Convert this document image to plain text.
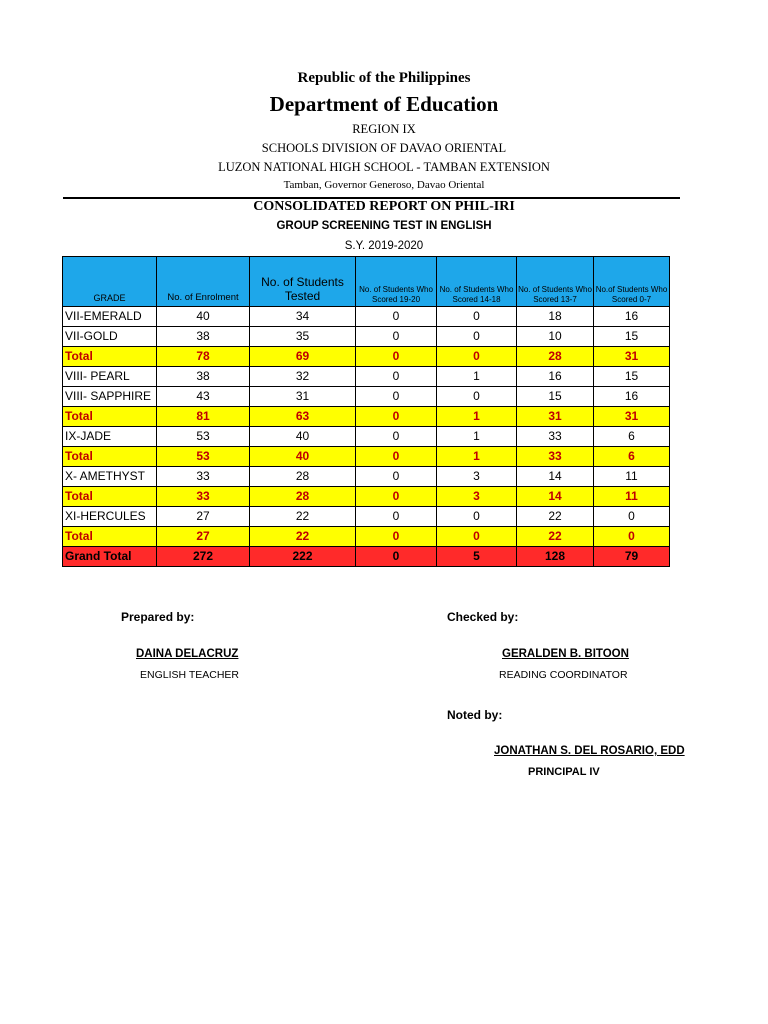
Republic of the Philippines
Department of Education
REGION IX
SCHOOLS DIVISION OF DAVAO ORIENTAL
LUZON NATIONAL HIGH SCHOOL - TAMBAN EXTENSION
Tamban, Governor Generoso, Davao Oriental
CONSOLIDATED REPORT ON PHIL-IRI
GROUP SCREENING TEST IN ENGLISH
S.Y. 2019-2020
GRADE	No. of Enrolment	No. of Students Tested	No. of Students Who Scored 19-20	No. of Students Who Scored 14-18	No. of Students Who Scored 13-7	No.of Students Who Scored 0-7
VII-EMERALD	40	34	0	0	18	16
VII-GOLD	38	35	0	0	10	15
Total	78	69	0	0	28	31
VIII- PEARL	38	32	0	1	16	15
VIII- SAPPHIRE	43	31	0	0	15	16
Total	81	63	0	1	31	31
IX-JADE	53	40	0	1	33	6
Total	53	40	0	1	33	6
X- AMETHYST	33	28	0	3	14	11
Total	33	28	0	3	14	11
XI-HERCULES	27	22	0	0	22	0
Total	27	22	0	0	22	0
Grand Total	272	222	0	5	128	79
Prepared by:
DAINA DELACRUZ
ENGLISH TEACHER
Checked by:
GERALDEN B. BITOON
READING COORDINATOR
Noted by:
JONATHAN S. DEL ROSARIO, EDD
PRINCIPAL IV
